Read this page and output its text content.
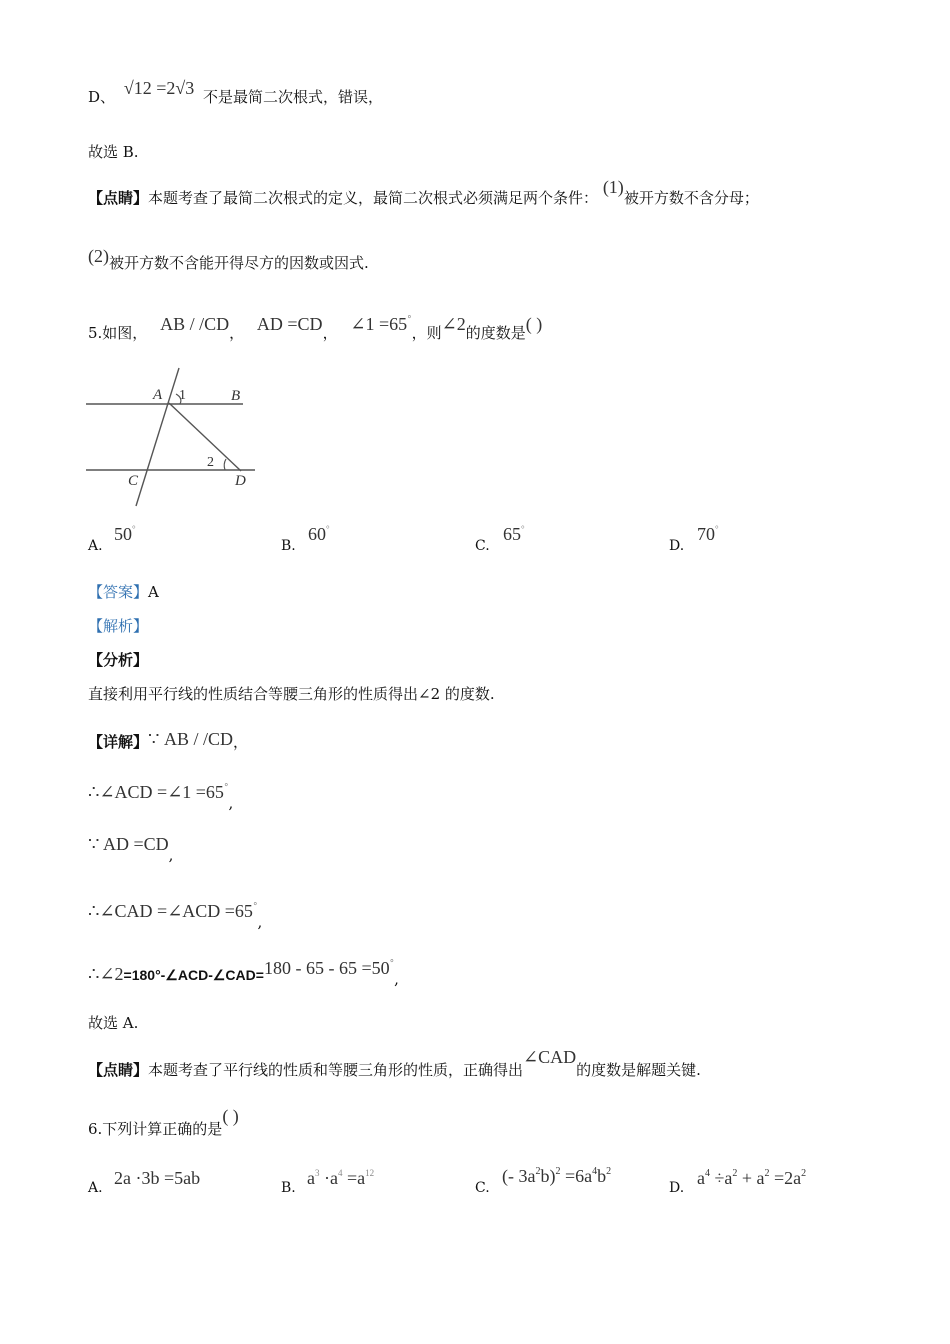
D、 √12 =2√3 不是最简二次根式，错误，
故选 B.
【点睛】本题考查了最简二次根式的定义，最简二次根式必须满足两个条件： (1)被开方数不含分母；
(2)被开方数不含能开得尽方的因数或因式.
5.如图， AB / /CD， AD =CD， ∠1 =65°，则∠2的度数是( )
A 1	B
C
2
D
A.
50°
B.
60°
C.
65°
D.
70°
【答案】A
【解析】
【分析】
直接利用平行线的性质结合等腰三角形的性质得出∠2 的度数.
【详解】∵ AB / /CD，
∴∠ACD =∠1 =65°,
∵ AD =CD,
∴∠CAD =∠ACD =65°,
∴∠2=180°-∠ACD-∠CAD=180 - 65 - 65 =50°,
故选 A.
【点睛】本题考查了平行线的性质和等腰三角形的性质，正确得出∠CAD的度数是解题关键.
6.下列计算正确的是( )
A. 2a ·3b =5ab	B. $a^3 \cdot a^4 =a^{12}$
C.
(- $3a^2b)^2 =6a^4b^2$
D. $a^4 \div a^2 + a^2 =2a^2$
